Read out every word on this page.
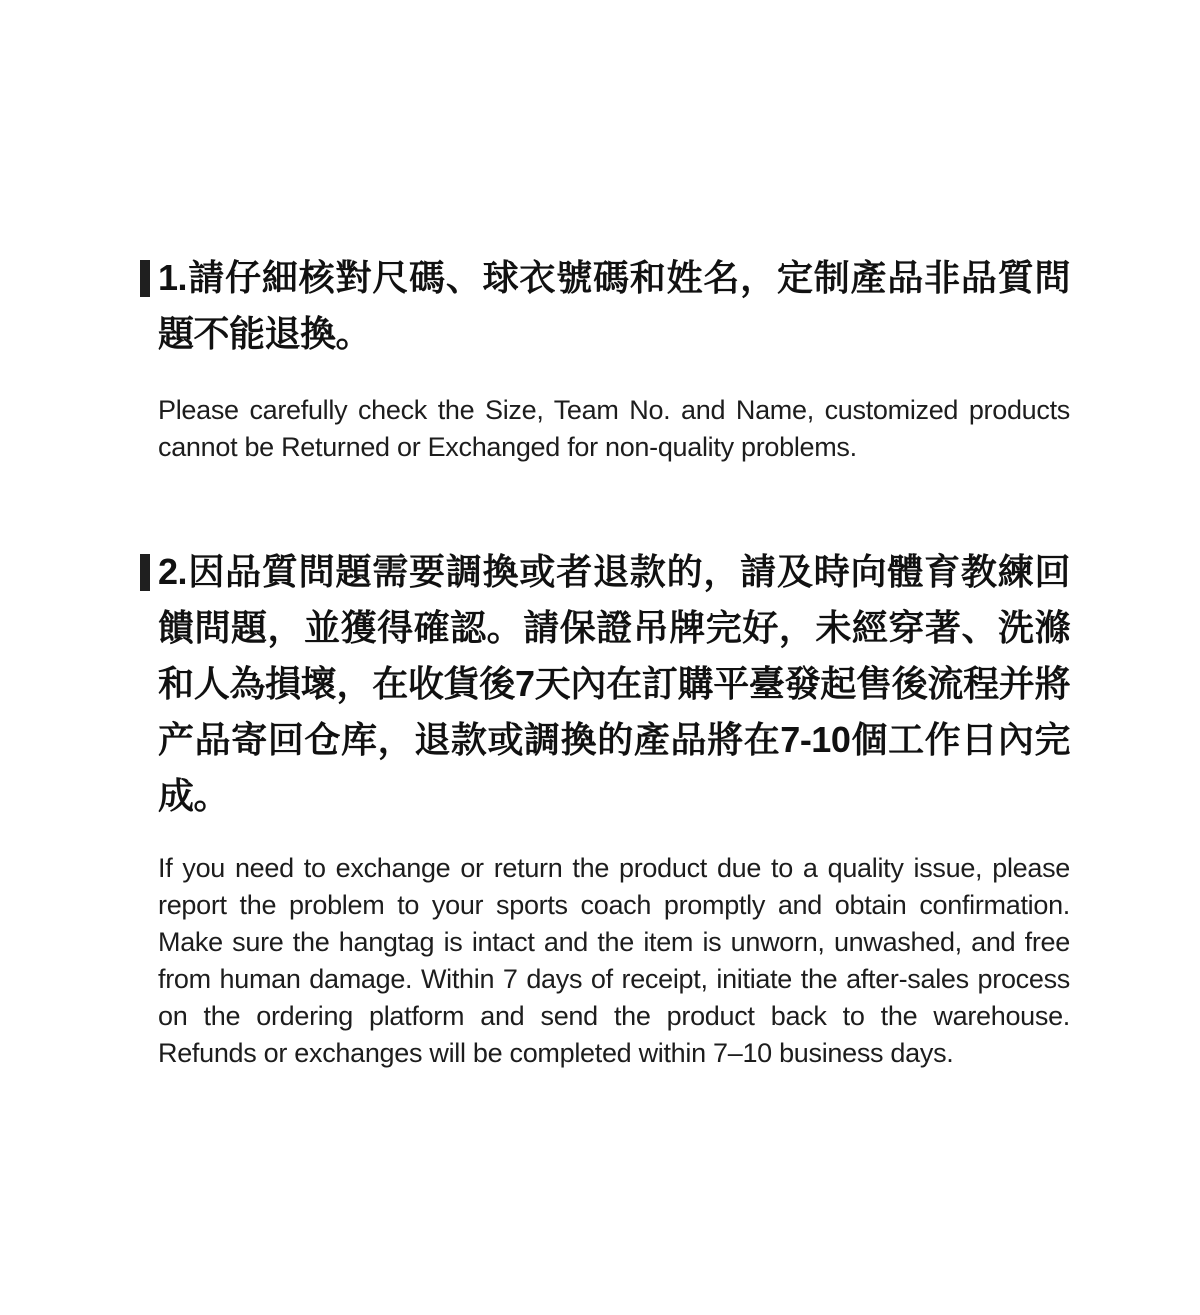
1.請仔細核對尺碼、球衣號碼和姓名，定制產品非品質問題不能退換。

Please carefully check the Size, Team No. and Name, customized products cannot be Returned or Exchanged for non-quality problems.

2.因品質問題需要調換或者退款的，請及時向體育教練回饋問題，並獲得確認。請保證吊牌完好，未經穿著、洗滌和人為損壞，在收貨後7天內在訂購平臺發起售後流程并將产品寄回仓库，退款或調換的產品將在7-10個工作日內完成。

If you need to exchange or return the product due to a quality issue, please report the problem to your sports coach promptly and obtain confirmation. Make sure the hangtag is intact and the item is unworn, unwashed, and free from human damage. Within 7 days of receipt, initiate the after-sales process on the ordering platform and send the product back to the warehouse. Refunds or exchanges will be completed within 7–10 business days.
